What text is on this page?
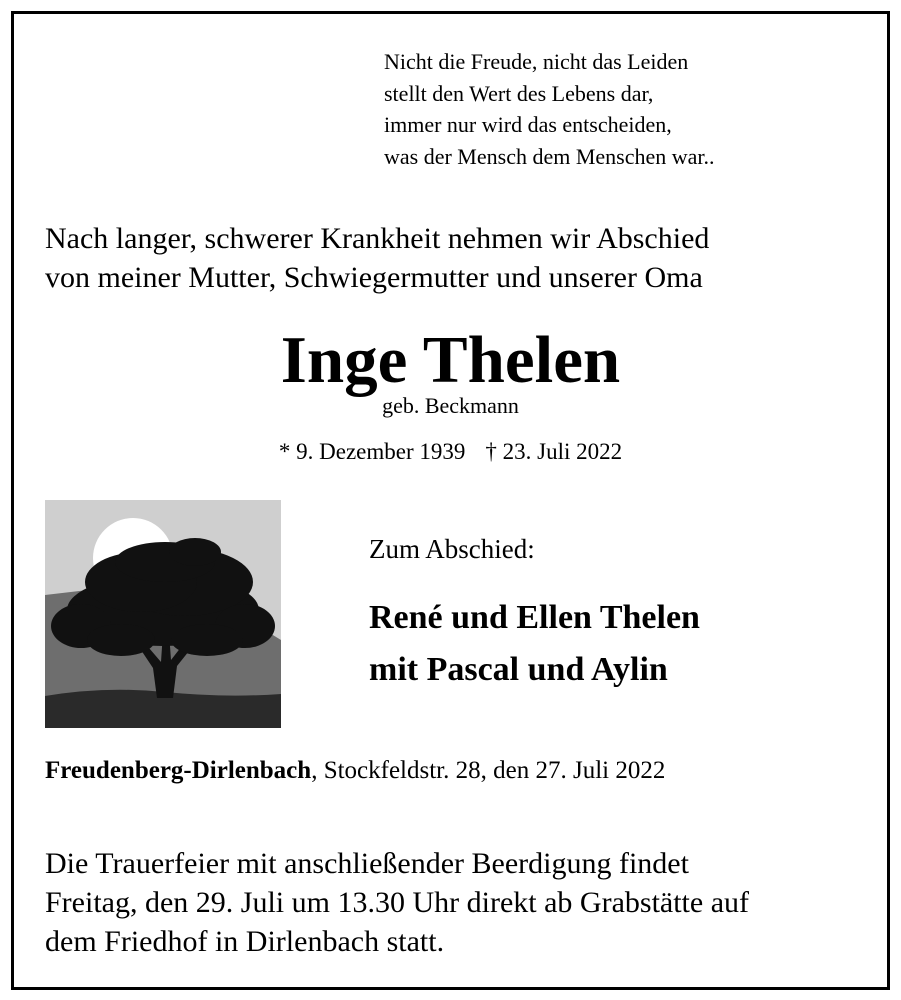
Nicht die Freude, nicht das Leiden
stellt den Wert des Lebens dar,
immer nur wird das entscheiden,
was der Mensch dem Menschen war..
Nach langer, schwerer Krankheit nehmen wir Abschied
von meiner Mutter, Schwiegermutter und unserer Oma
Inge Thelen
geb. Beckmann
* 9. Dezember 1939 † 23. Juli 2022
Zum Abschied:
René und Ellen Thelen
mit Pascal und Aylin
Freudenberg-Dirlenbach, Stockfeldstr. 28, den 27. Juli 2022
Die Trauerfeier mit anschließender Beerdigung findet
Freitag, den 29. Juli um 13.30 Uhr direkt ab Grabstätte auf
dem Friedhof in Dirlenbach statt.
